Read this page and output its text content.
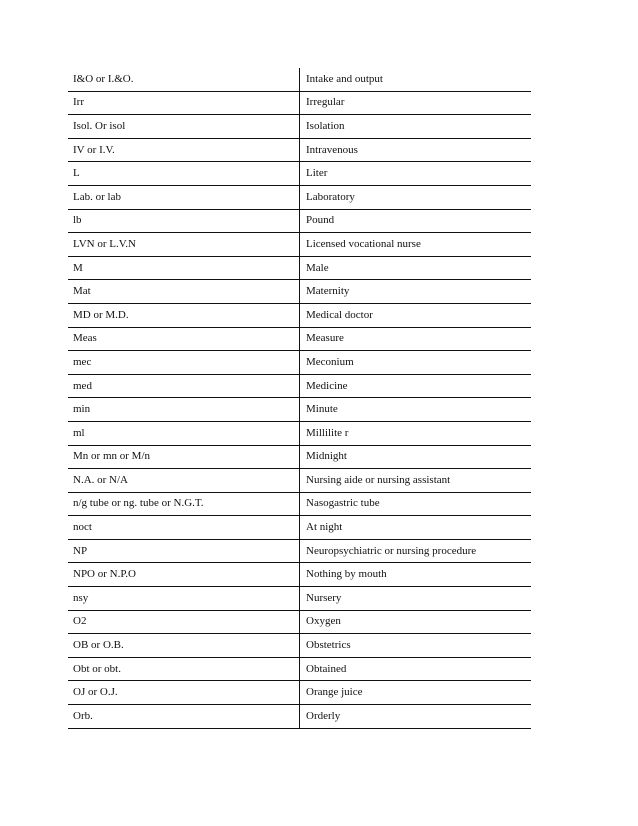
I&O or I.&O.	Intake and output
Irr	Irregular
Isol. Or isol	Isolation
IV or I.V.	Intravenous
L	Liter
Lab. or lab	Laboratory
lb	Pound
LVN or L.V.N	Licensed vocational nurse
M	Male
Mat	Maternity
MD or M.D.	Medical doctor
Meas	Measure
mec	Meconium
med	Medicine
min	Minute
ml	Millilite r
Mn or mn or M/n	Midnight
N.A. or N/A	Nursing aide or nursing assistant
n/g tube or ng. tube or N.G.T.	Nasogastric tube
noct	At night
NP	Neuropsychiatric or nursing procedure
NPO or N.P.O	Nothing by mouth
nsy	Nursery
O2	Oxygen
OB or O.B.	Obstetrics
Obt or obt.	Obtained
OJ or O.J.	Orange juice
Orb.	Orderly
